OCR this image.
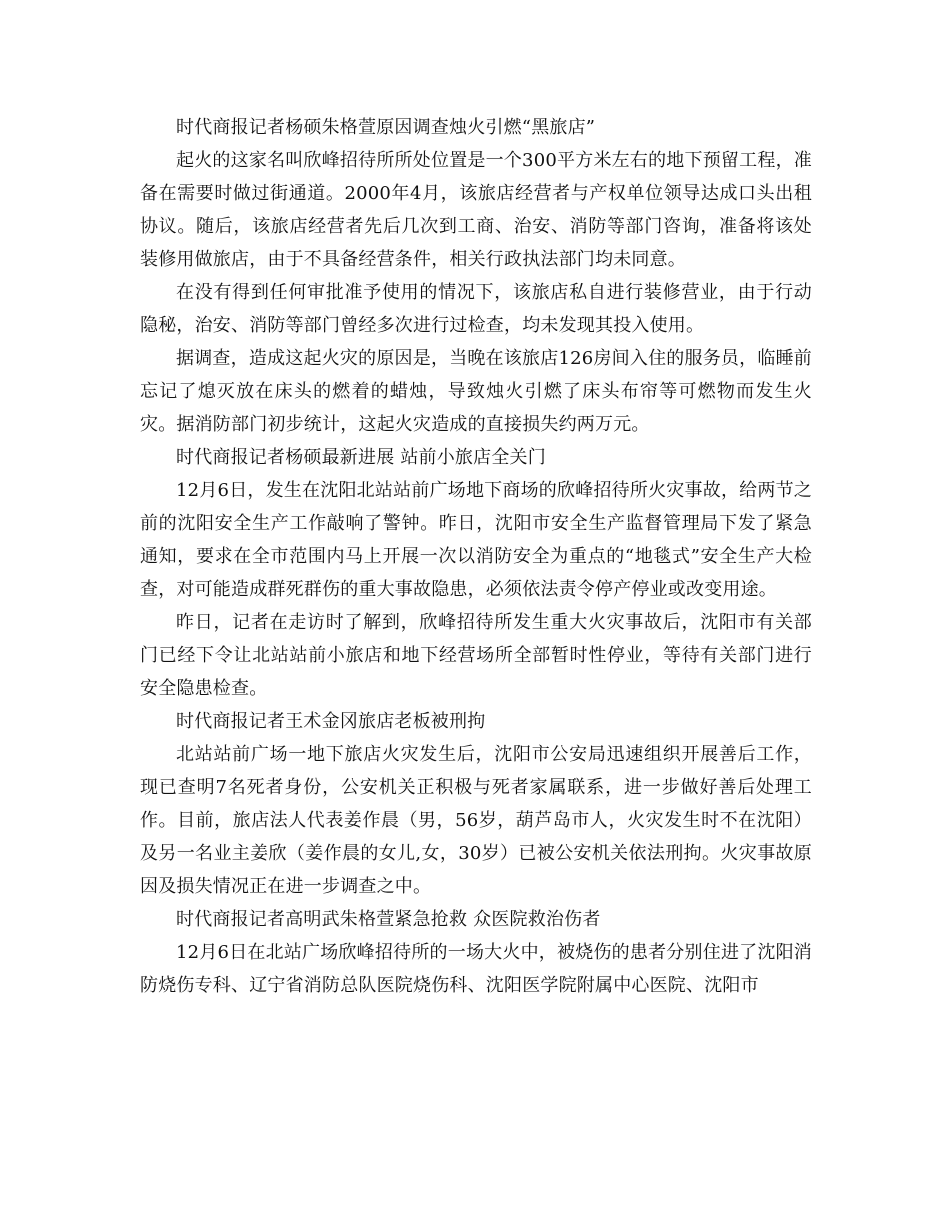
时代商报记者杨硕朱格萱原因调查烛火引燃“黑旅店”

起火的这家名叫欣峰招待所所处位置是一个300平方米左右的地下预留工程，准备在需要时做过街通道。2000年4月，该旅店经营者与产权单位领导达成口头出租协议。随后，该旅店经营者先后几次到工商、治安、消防等部门咨询，准备将该处装修用做旅店，由于不具备经营条件，相关行政执法部门均未同意。

在没有得到任何审批准予使用的情况下，该旅店私自进行装修营业，由于行动隐秘，治安、消防等部门曾经多次进行过检查，均未发现其投入使用。

据调查，造成这起火灾的原因是，当晚在该旅店126房间入住的服务员，临睡前忘记了熄灭放在床头的燃着的蜡烛，导致烛火引燃了床头布帘等可燃物而发生火灾。据消防部门初步统计，这起火灾造成的直接损失约两万元。

时代商报记者杨硕最新进展 站前小旅店全关门

12月6日，发生在沈阳北站站前广场地下商场的欣峰招待所火灾事故，给两节之前的沈阳安全生产工作敲响了警钟。昨日，沈阳市安全生产监督管理局下发了紧急通知，要求在全市范围内马上开展一次以消防安全为重点的“地毯式”安全生产大检查，对可能造成群死群伤的重大事故隐患，必须依法责令停产停业或改变用途。

昨日，记者在走访时了解到，欣峰招待所发生重大火灾事故后，沈阳市有关部门已经下令让北站站前小旅店和地下经营场所全部暂时性停业，等待有关部门进行安全隐患检查。

时代商报记者王术金冈旅店老板被刑拘

北站站前广场一地下旅店火灾发生后，沈阳市公安局迅速组织开展善后工作，现已查明7名死者身份，公安机关正积极与死者家属联系，进一步做好善后处理工作。目前，旅店法人代表姜作晨（男，56岁，葫芦岛市人，火灾发生时不在沈阳）及另一名业主姜欣（姜作晨的女儿,女，30岁）已被公安机关依法刑拘。火灾事故原因及损失情况正在进一步调查之中。

时代商报记者高明武朱格萱紧急抢救 众医院救治伤者

12月6日在北站广场欣峰招待所的一场大火中，被烧伤的患者分别住进了沈阳消防烧伤专科、辽宁省消防总队医院烧伤科、沈阳医学院附属中心医院、沈阳市
